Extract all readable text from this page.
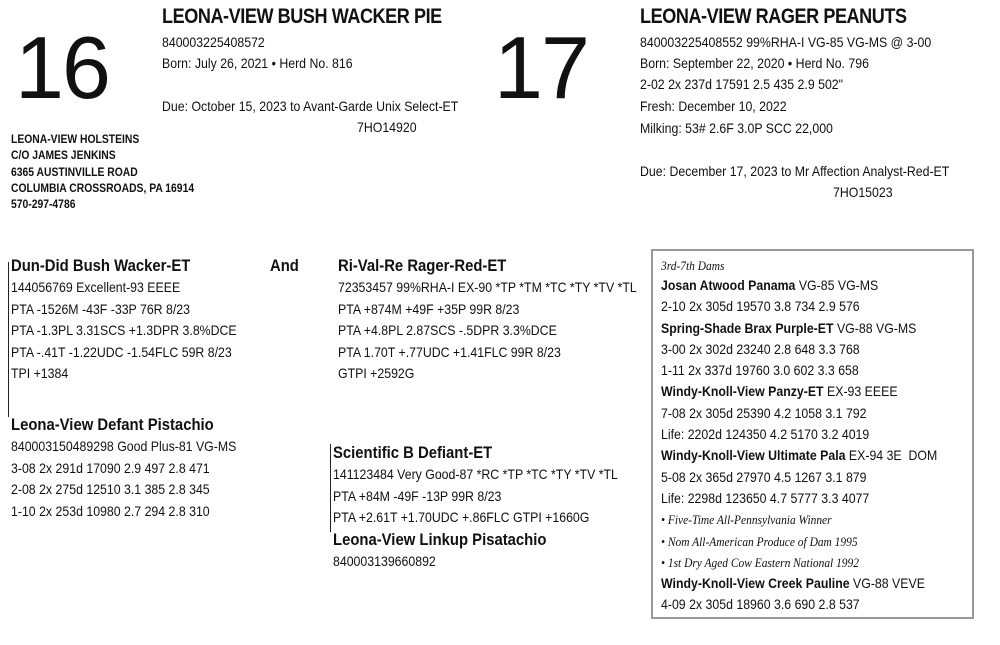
16
LEONA-VIEW BUSH WACKER PIE
840003225408572
Born: July 26, 2021 • Herd No. 816
Due: October 15, 2023 to Avant-Garde Unix Select-ET
7HO14920
LEONA-VIEW HOLSTEINS
C/O JAMES JENKINS
6365 AUSTINVILLE ROAD
COLUMBIA CROSSROADS, PA 16914
570-297-4786
17
LEONA-VIEW RAGER PEANUTS
840003225408552 99%RHA-I VG-85 VG-MS @ 3-00
Born: September 22, 2020 • Herd No. 796
2-02 2x 237d 17591 2.5 435 2.9 502"
Fresh: December 10, 2022
Milking: 53# 2.6F 3.0P SCC 22,000
Due: December 17, 2023 to Mr Affection Analyst-Red-ET
7HO15023
Dun-Did Bush Wacker-ET
144056769 Excellent-93 EEEE
PTA -1526M -43F -33P 76R 8/23
PTA -1.3PL 3.31SCS +1.3DPR 3.8%DCE
PTA -.41T -1.22UDC -1.54FLC 59R 8/23
TPI +1384
And
Leona-View Defant Pistachio
840003150489298 Good Plus-81 VG-MS
3-08 2x 291d 17090 2.9 497 2.8 471
2-08 2x 275d 12510 3.1 385 2.8 345
1-10 2x 253d 10980 2.7 294 2.8 310
Scientific B Defiant-ET
141123484 Very Good-87 *RC *TP *TC *TY *TV *TL
PTA +84M -49F -13P 99R 8/23
PTA +2.61T +1.70UDC +.86FLC GTPI +1660G
Leona-View Linkup Pisatachio
840003139660892
Ri-Val-Re Rager-Red-ET
72353457 99%RHA-I EX-90 *TP *TM *TC *TY *TV *TL
PTA +874M +49F +35P 99R 8/23
PTA +4.8PL 2.87SCS -.5DPR 3.3%DCE
PTA 1.70T +.77UDC +1.41FLC 99R 8/23
GTPI +2592G
3rd-7th Dams
Josan Atwood Panama VG-85 VG-MS
2-10 2x 305d 19570 3.8 734 2.9 576
Spring-Shade Brax Purple-ET VG-88 VG-MS
3-00 2x 302d 23240 2.8 648 3.3 768
1-11 2x 337d 19760 3.0 602 3.3 658
Windy-Knoll-View Panzy-ET EX-93 EEEE
7-08 2x 305d 25390 4.2 1058 3.1 792
Life: 2202d 124350 4.2 5170 3.2 4019
Windy-Knoll-View Ultimate Pala EX-94 3E  DOM
5-08 2x 365d 27970 4.5 1267 3.1 879
Life: 2298d 123650 4.7 5777 3.3 4077
• Five-Time All-Pennsylvania Winner
• Nom All-American Produce of Dam 1995
• 1st Dry Aged Cow Eastern National 1992
Windy-Knoll-View Creek Pauline VG-88 VEVE
4-09 2x 305d 18960 3.6 690 2.8 537
